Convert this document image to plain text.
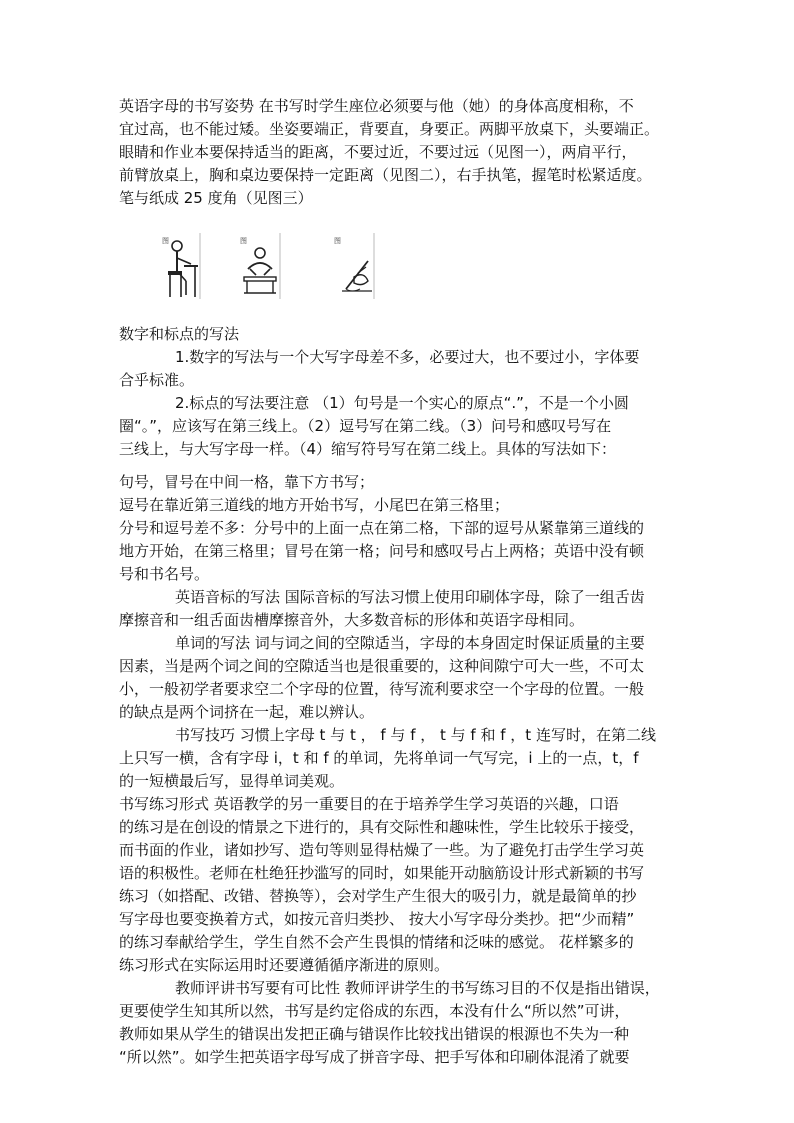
英语字母的书写姿势 在书写时学生座位必须要与他（她）的身体高度相称，不
宜过高，也不能过矮。坐姿要端正，背要直，身要正。两脚平放桌下，头要端正。
眼睛和作业本要保持适当的距离，不要过近，不要过远（见图一），两肩平行，
前臂放桌上，胸和桌边要保持一定距离（见图二），右手执笔，握笔时松紧适度。
笔与纸成 25 度角（见图三）
图	图	图
数字和标点的写法
1.数字的写法与一个大写字母差不多，必要过大，也不要过小，字体要
合乎标准。
2.标点的写法要注意 （1）句号是一个实心的原点“.”，不是一个小圆
圈“。”，应该写在第三线上。（2）逗号写在第二线。（3）问号和感叹号写在
三线上，与大写字母一样。（4）缩写符号写在第二线上。具体的写法如下：
句号，冒号在中间一格，靠下方书写；
逗号在靠近第三道线的地方开始书写，小尾巴在第三格里；
分号和逗号差不多：分号中的上面一点在第二格，下部的逗号从紧靠第三道线的
地方开始，在第三格里；冒号在第一格；问号和感叹号占上两格；英语中没有顿
号和书名号。
英语音标的写法 国际音标的写法习惯上使用印刷体字母，除了一组舌齿
摩擦音和一组舌面齿槽摩擦音外，大多数音标的形体和英语字母相同。
单词的写法 词与词之间的空隙适当，字母的本身固定时保证质量的主要
因素，当是两个词之间的空隙适当也是很重要的，这种间隙宁可大一些，不可太
小，一般初学者要求空二个字母的位置，待写流利要求空一个字母的位置。一般
的缺点是两个词挤在一起，难以辨认。
书写技巧 习惯上字母 t 与 t ， f 与 f ， t 与 f 和 f ，t 连写时，在第二线
上只写一横，含有字母 i，t 和 f 的单词，先将单词一气写完，i 上的一点，t，f
的一短横最后写，显得单词美观。
书写练习形式 英语教学的另一重要目的在于培养学生学习英语的兴趣，口语
的练习是在创设的情景之下进行的，具有交际性和趣味性，学生比较乐于接受，
而书面的作业，诸如抄写、造句等则显得枯燥了一些。为了避免打击学生学习英
语的积极性。老师在杜绝狂抄滥写的同时，如果能开动脑筋设计形式新颖的书写
练习（如搭配、改错、替换等），会对学生产生很大的吸引力，就是最简单的抄
写字母也要变换着方式，如按元音归类抄、 按大小写字母分类抄。把“少而精”
的练习奉献给学生，学生自然不会产生畏惧的情绪和泛味的感觉。 花样繁多的
练习形式在实际运用时还要遵循循序渐进的原则。
教师评讲书写要有可比性 教师评讲学生的书写练习目的不仅是指出错误，
更要使学生知其所以然，书写是约定俗成的东西，本没有什么“所以然”可讲，
教师如果从学生的错误出发把正确与错误作比较找出错误的根源也不失为一种
“所以然”。如学生把英语字母写成了拼音字母、把手写体和印刷体混淆了就要
